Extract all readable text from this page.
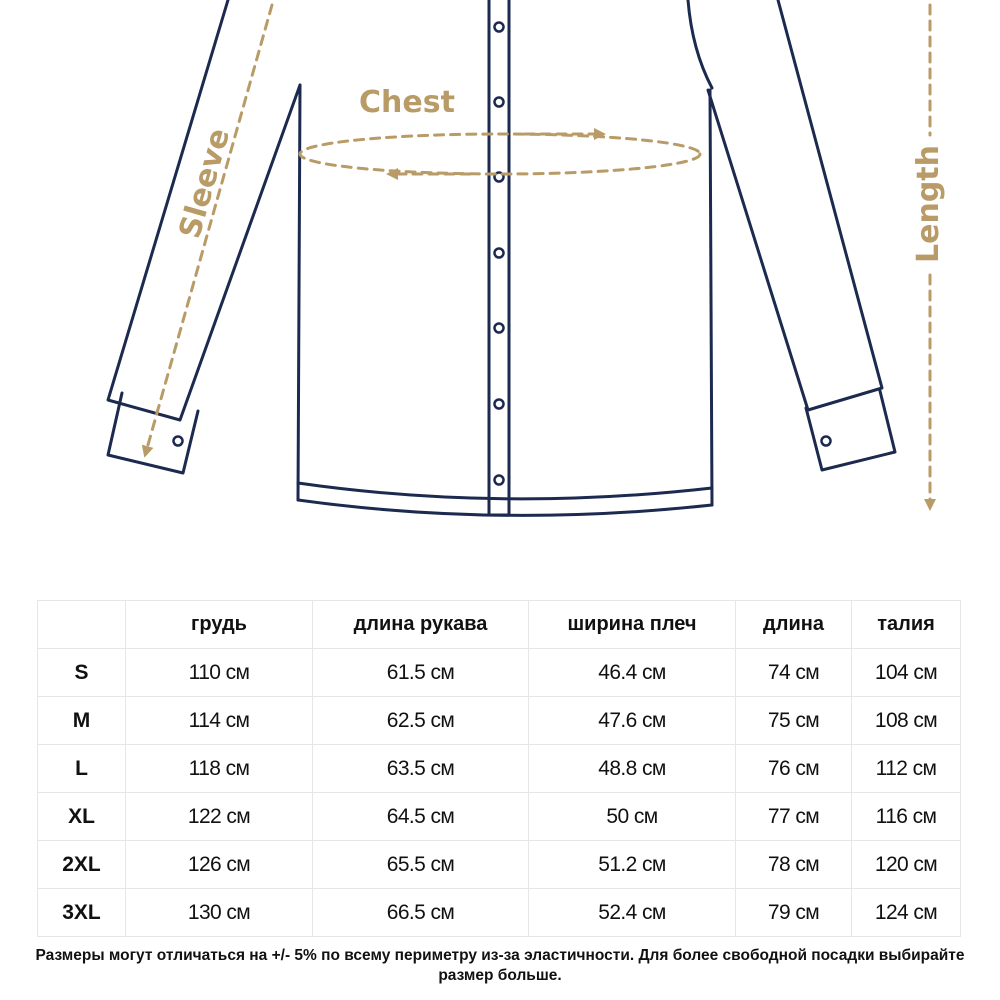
Chest
Sleeve	Length
	грудь	длина рукава	ширина плеч	длина	талия
S	110 см	61.5 см	46.4 см	74 см	104 см
M	114 см	62.5 см	47.6 см	75 см	108 см
L	118 см	63.5 см	48.8 см	76 см	112 см
XL	122 см	64.5 см	50 см	77 см	116 см
2XL	126 см	65.5 см	51.2 см	78 см	120 см
3XL	130 см	66.5 см	52.4 см	79 см	124 см

Размеры могут отличаться на +/- 5% по всему периметру из-за эластичности. Для более свободной посадки выбирайте размер больше.
